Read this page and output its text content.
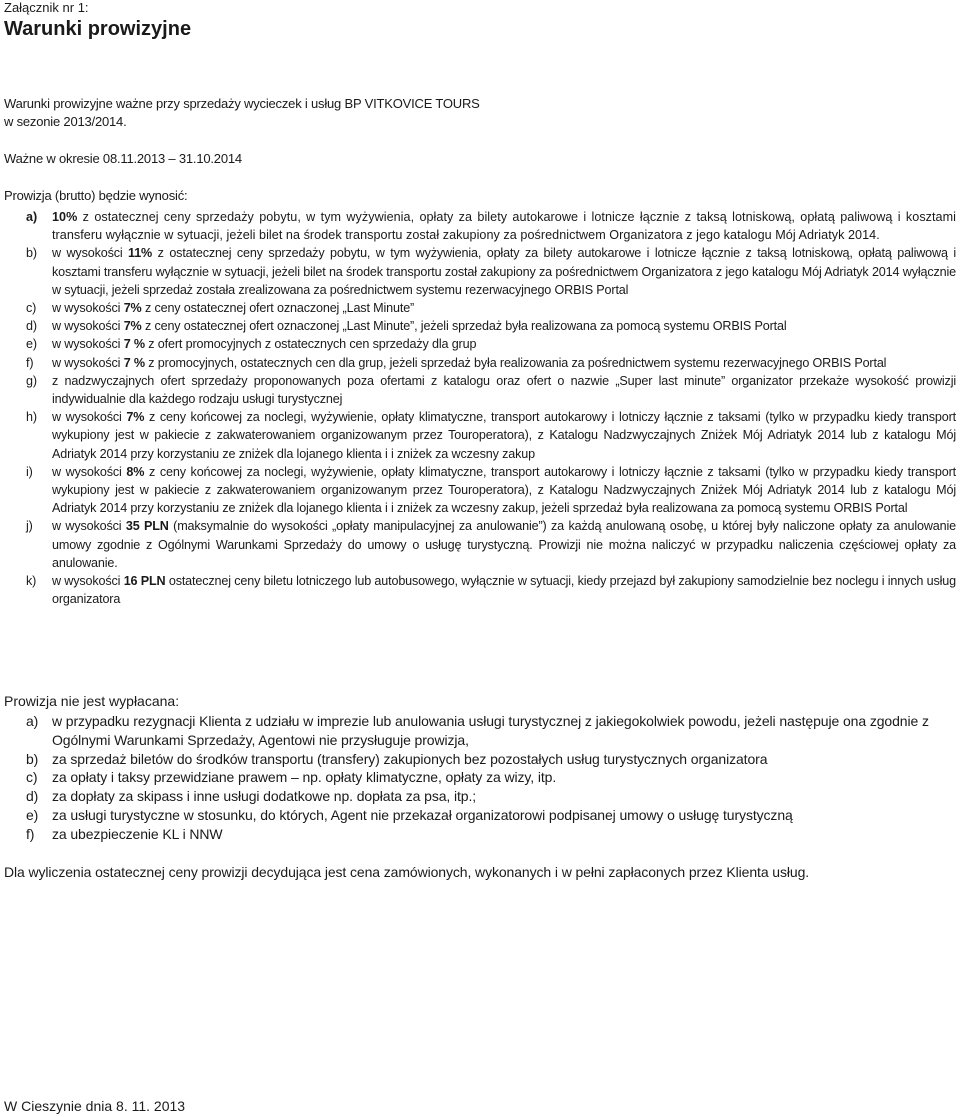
Załącznik nr 1:
Warunki prowizyjne
Warunki prowizyjne ważne przy sprzedaży wycieczek i usług BP VITKOVICE TOURS
w sezonie 2013/2014.
Ważne w okresie 08.11.2013 – 31.10.2014
Prowizja (brutto) będzie wynosić:
a) 10% z ostatecznej ceny sprzedaży pobytu, w tym wyżywienia, opłaty za bilety autokarowe i lotnicze łącznie z taksą lotniskową, opłatą paliwową i kosztami transferu wyłącznie w sytuacji, jeżeli bilet na środek transportu został zakupiony za pośrednictwem Organizatora z jego katalogu Mój Adriatyk 2014.
b) w wysokości 11% z ostatecznej ceny sprzedaży pobytu, w tym wyżywienia, opłaty za bilety autokarowe i lotnicze łącznie z taksą lotniskową, opłatą paliwową i kosztami transferu wyłącznie w sytuacji, jeżeli bilet na środek transportu został zakupiony za pośrednictwem Organizatora z jego katalogu Mój Adriatyk 2014 wyłącznie w sytuacji, jeżeli sprzedaż została zrealizowana za pośrednictwem systemu rezerwacyjnego ORBIS Portal
c) w wysokości 7% z ceny ostatecznej ofert oznaczonej „Last Minute”
d) w wysokości 7% z ceny ostatecznej ofert oznaczonej „Last Minute”, jeżeli sprzedaż była realizowana za pomocą systemu ORBIS Portal
e) w wysokości 7 % z ofert promocyjnych z ostatecznych cen sprzedaży dla grup
f) w wysokości 7 % z promocyjnych, ostatecznych cen dla grup, jeżeli sprzedaż była realizowania za pośrednictwem systemu rezerwacyjnego ORBIS Portal
g) z nadzwyczajnych ofert sprzedaży proponowanych poza ofertami z katalogu oraz ofert o nazwie „Super last minute” organizator przekaże wysokość prowizji indywidualnie dla każdego rodzaju usługi turystycznej
h) w wysokości 7% z ceny końcowej za noclegi, wyżywienie, opłaty klimatyczne, transport autokarowy i lotniczy łącznie z taksami (tylko w przypadku kiedy transport wykupiony jest w pakiecie z zakwaterowaniem organizowanym przez Touroperatora), z Katalogu Nadzwyczajnych Zniżek Mój Adriatyk 2014 lub z katalogu Mój Adriatyk 2014 przy korzystaniu ze zniżek dla lojanego klienta i i zniżek za wczesny zakup
i) w wysokości 8% z ceny końcowej za noclegi, wyżywienie, opłaty klimatyczne, transport autokarowy i lotniczy łącznie z taksami (tylko w przypadku kiedy transport wykupiony jest w pakiecie z zakwaterowaniem organizowanym przez Touroperatora), z Katalogu Nadzwyczajnych Zniżek Mój Adriatyk 2014 lub z katalogu Mój Adriatyk 2014 przy korzystaniu ze zniżek dla lojanego klienta i i zniżek za wczesny zakup, jeżeli sprzedaż była realizowana za pomocą systemu ORBIS Portal
j) w wysokości 35 PLN (maksymalnie do wysokości „opłaty manipulacyjnej za anulowanie”) za każdą anulowaną osobę, u której były naliczone opłaty za anulowanie umowy zgodnie z Ogólnymi Warunkami Sprzedaży do umowy o usługę turystyczną. Prowizji nie można naliczyć w przypadku naliczenia częściowej opłaty za anulowanie.
k) w wysokości 16 PLN ostatecznej ceny biletu lotniczego lub autobusowego, wyłącznie w sytuacji, kiedy przejazd był zakupiony samodzielnie bez noclegu i innych usług organizatora
Prowizja nie jest wypłacana:
a) w przypadku rezygnacji Klienta z udziału w imprezie lub anulowania usługi turystycznej z jakiegokolwiek powodu, jeżeli następuje ona zgodnie z Ogólnymi Warunkami Sprzedaży, Agentowi nie przysługuje prowizja,
b) za sprzedaż biletów do środków transportu (transfery) zakupionych bez pozostałych usług turystycznych organizatora
c) za opłaty i taksy przewidziane prawem – np. opłaty klimatyczne, opłaty za wizy, itp.
d) za dopłaty za skipass i inne usługi dodatkowe np. dopłata za psa, itp.;
e) za usługi turystyczne w stosunku, do których, Agent nie przekazał organizatorowi podpisanej umowy o usługę turystyczną
f) za ubezpieczenie KL i NNW
Dla wyliczenia ostatecznej ceny prowizji decydująca jest cena zamówionych, wykonanych i w pełni zapłaconych przez Klienta usług.
W Cieszynie dnia 8. 11. 2013
